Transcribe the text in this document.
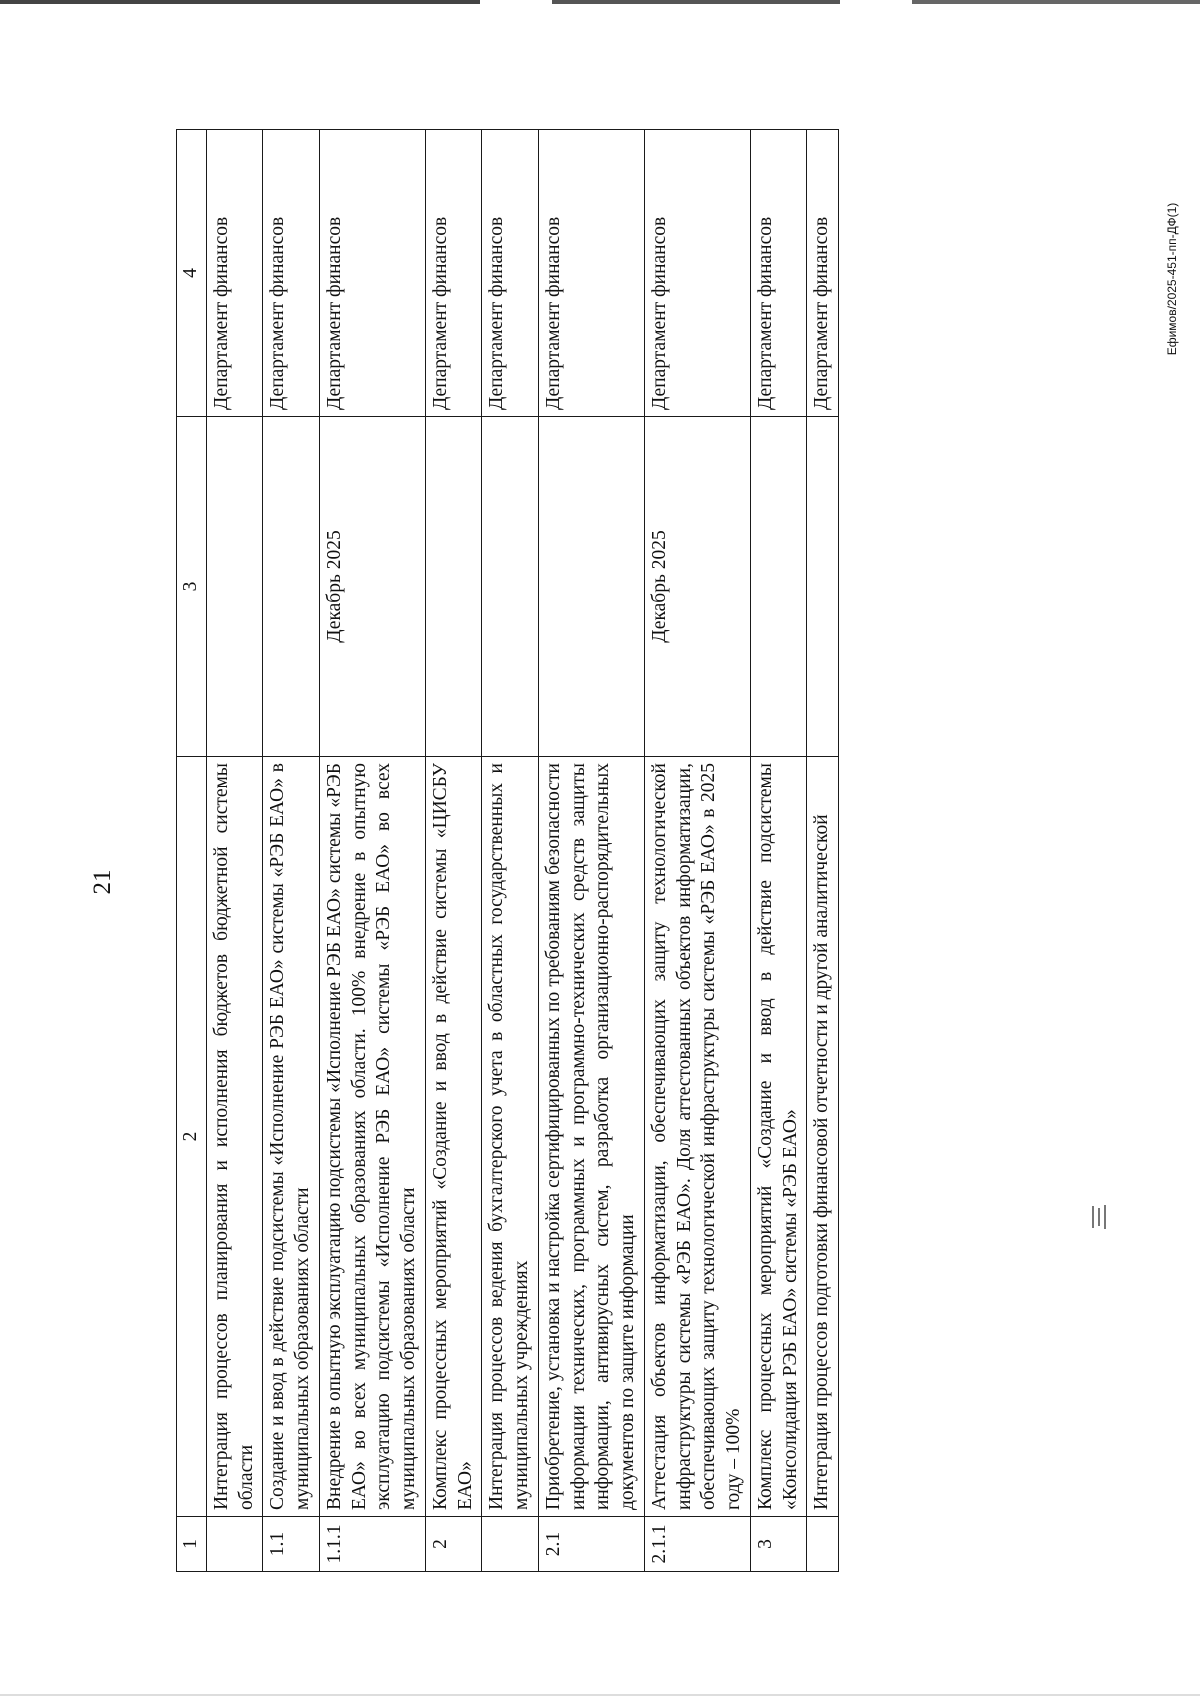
21
Ефимов/2025-451-пп-ДФ(1)
1	2	3	4
	Интеграция процессов планирования и исполнения бюджетов бюджетной системы области		Департамент финансов
1.1	Создание и ввод в действие подсистемы «Исполнение РЭБ ЕАО» системы «РЭБ ЕАО» в муниципальных образованиях области		Департамент финансов
1.1.1	Внедрение в опытную эксплуатацию подсистемы «Исполнение РЭБ ЕАО» системы «РЭБ ЕАО» во всех муниципальных образованиях области. 100% внедрение в опытную эксплуатацию подсистемы «Исполнение РЭБ ЕАО» системы «РЭБ ЕАО» во всех муниципальных образованиях области	Декабрь 2025	Департамент финансов
2	Комплекс процессных мероприятий «Создание и ввод в действие системы «ЦИСБУ ЕАО»		Департамент финансов
	Интеграция процессов ведения бухгалтерского учета в областных государственных и муниципальных учреждениях		Департамент финансов
2.1	Приобретение, установка и настройка сертифицированных по требованиям безопасности информации технических, программных и программно-технических средств защиты информации, антивирусных систем, разработка организационно-распорядительных документов по защите информации		Департамент финансов
2.1.1	Аттестация объектов информатизации, обеспечивающих защиту технологической инфраструктуры системы «РЭБ ЕАО». Доля аттестованных объектов информатизации, обеспечивающих защиту технологической инфраструктуры системы «РЭБ ЕАО» в 2025 году – 100%	Декабрь 2025	Департамент финансов
3	Комплекс процессных мероприятий «Создание и ввод в действие подсистемы «Консолидация РЭБ ЕАО» системы «РЭБ ЕАО»		Департамент финансов
	Интеграция процессов подготовки финансовой отчетности и другой аналитической		Департамент финансов
